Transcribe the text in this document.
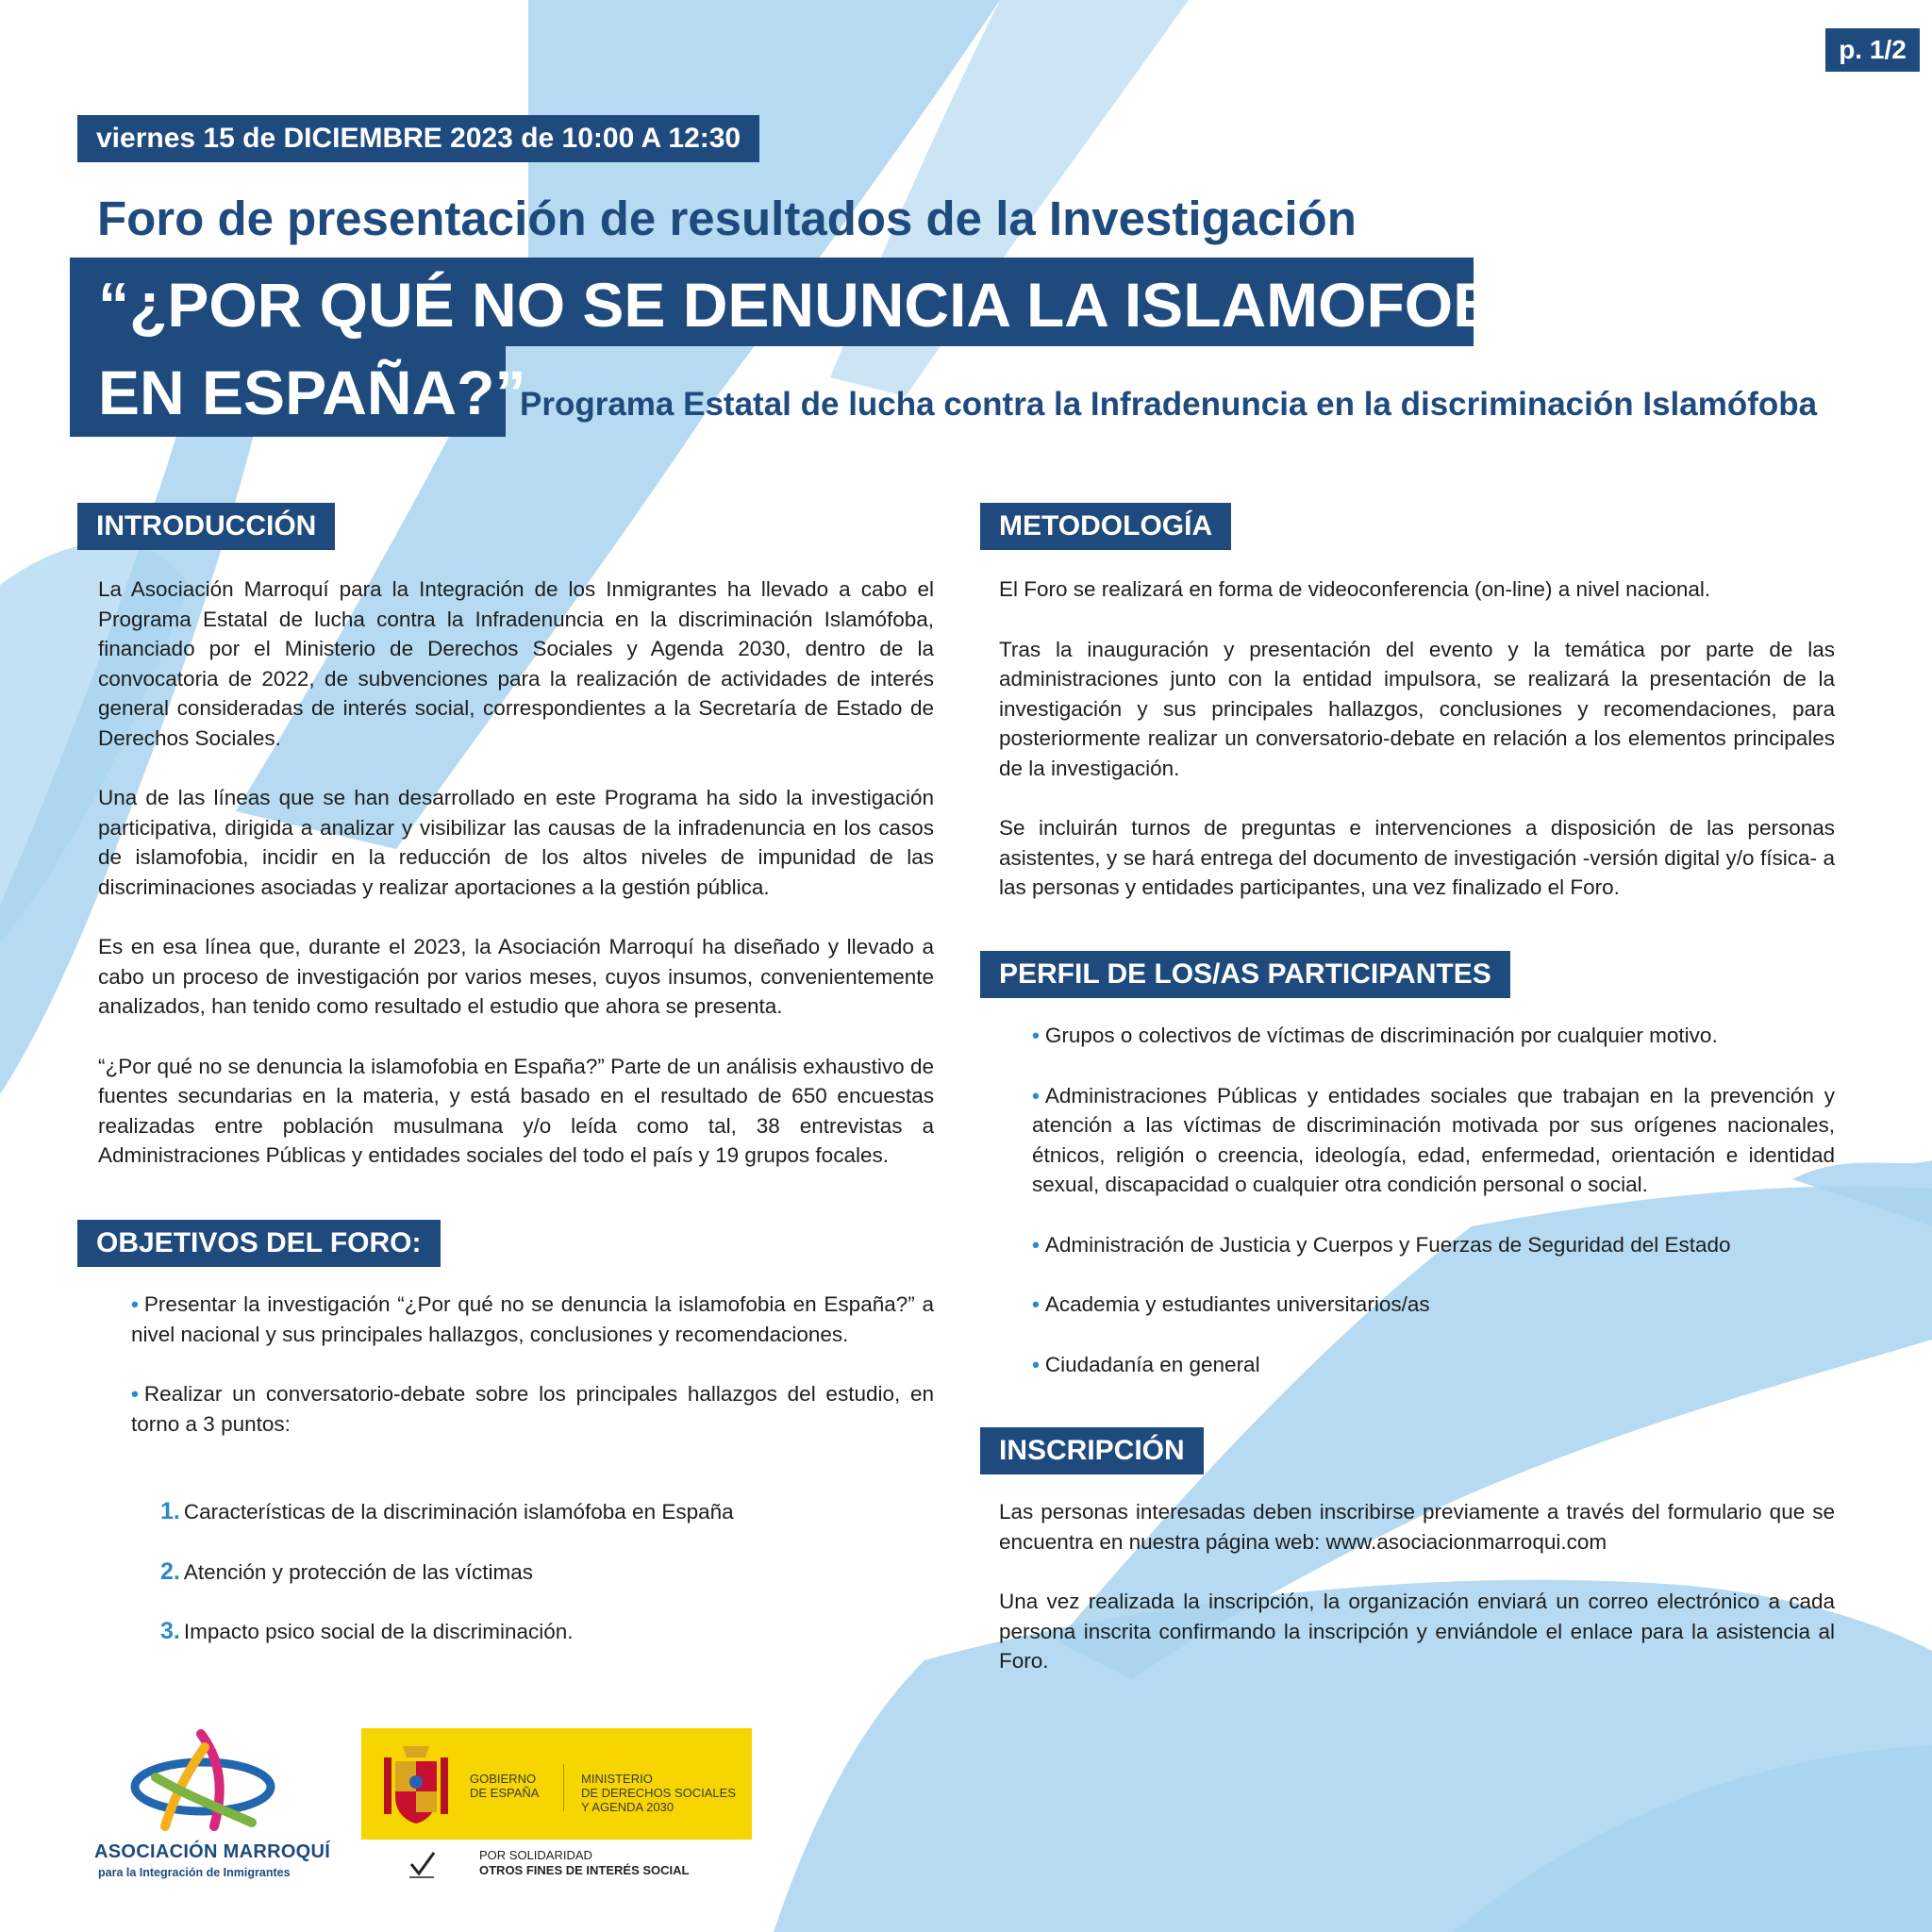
p. 1/2
viernes 15 de DICIEMBRE 2023 de 10:00 A 12:30
Foro de presentación de resultados de la Investigación
“¿POR QUÉ NO SE DENUNCIA LA ISLAMOFOBIA
EN ESPAÑA?”
Programa Estatal de lucha contra la Infradenuncia en la discriminación Islamófoba
INTRODUCCIÓN

La Asociación Marroquí para la Integración de los Inmigrantes ha llevado a cabo el Programa Estatal de lucha contra la Infradenuncia en la discriminación Islamófoba, financiado por el Ministerio de Derechos Sociales y Agenda 2030, dentro de la convocatoria de 2022, de subvenciones para la realización de actividades de interés general consideradas de interés social, correspondientes a la Secretaría de Estado de Derechos Sociales.

Una de las líneas que se han desarrollado en este Programa ha sido la investigación participativa, dirigida a analizar y visibilizar las causas de la infradenuncia en los casos de islamofobia, incidir en la reducción de los altos niveles de impunidad de las discriminaciones asociadas y realizar aportaciones a la gestión pública.

Es en esa línea que, durante el 2023, la Asociación Marroquí ha diseñado y llevado a cabo un proceso de investigación por varios meses, cuyos insumos, convenientemente analizados, han tenido como resultado el estudio que ahora se presenta.

“¿Por qué no se denuncia la islamofobia en España?” Parte de un análisis exhaustivo de fuentes secundarias en la materia, y está basado en el resultado de 650 encuestas realizadas entre población musulmana y/o leída como tal, 38 entrevistas a Administraciones Públicas y entidades sociales del todo el país y 19 grupos focales.

OBJETIVOS DEL FORO:
• Presentar la investigación “¿Por qué no se denuncia la islamofobia en España?” a nivel nacional y sus principales hallazgos, conclusiones y recomendaciones.
• Realizar un conversatorio-debate sobre los principales hallazgos del estudio, en torno a 3 puntos:
1. Características de la discriminación islamófoba en España
2. Atención y protección de las víctimas
3. Impacto psico social de la discriminación.
METODOLOGÍA

El Foro se realizará en forma de videoconferencia (on-line) a nivel nacional.

Tras la inauguración y presentación del evento y la temática por parte de las administraciones junto con la entidad impulsora, se realizará la presentación de la investigación y sus principales hallazgos, conclusiones y recomendaciones, para posteriormente realizar un conversatorio-debate en relación a los elementos principales de la investigación.

Se incluirán turnos de preguntas e intervenciones a disposición de las personas asistentes, y se hará entrega del documento de investigación -versión digital y/o física- a las personas y entidades participantes, una vez finalizado el Foro.

PERFIL DE LOS/AS PARTICIPANTES
• Grupos o colectivos de víctimas de discriminación por cualquier motivo.
• Administraciones Públicas y entidades sociales que trabajan en la prevención y atención a las víctimas de discriminación motivada por sus orígenes nacionales, étnicos, religión o creencia, ideología, edad, enfermedad, orientación e identidad sexual, discapacidad o cualquier otra condición personal o social.
• Administración de Justicia y Cuerpos y Fuerzas de Seguridad del Estado
• Academia y estudiantes universitarios/as
• Ciudadanía en general
INSCRIPCIÓN

Las personas interesadas deben inscribirse previamente a través del formulario que se encuentra en nuestra página web: www.asociacionmarroqui.com

Una vez realizada la inscripción, la organización enviará un correo electrónico a cada persona inscrita confirmando la inscripción y enviándole el enlace para la asistencia al Foro.

ASOCIACIÓN MARROQUÍ
para la Integración de Inmigrantes
GOBIERNO
DE ESPAÑA
MINISTERIO
DE DERECHOS SOCIALES
Y AGENDA 2030
POR SOLIDARIDAD
OTROS FINES DE INTERÉS SOCIAL
